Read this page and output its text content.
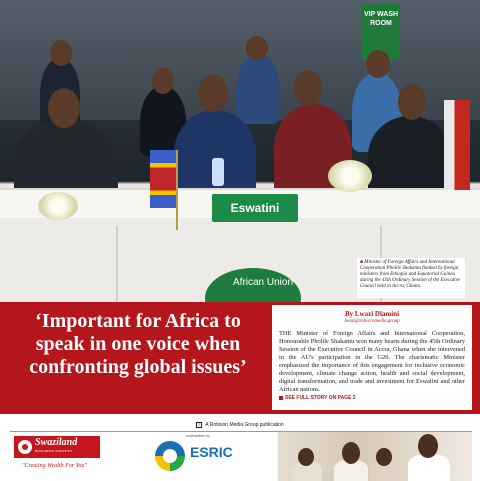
VIP WASH ROOM
Eswatini
African Union
■ Minister of Foreign Affairs and International Cooperation Pholile Shakantu flanked by foreign ministers from Ethiopia and Equatorial Guinea during the 45th Ordinary Session of the Executive Council held in Accra, Ghana.
‘Important for Africa to speak in one voice when confronting global issues’

By Lwazi Dlamini

lwazi@robiscomedia.group

THE Minister of Foreign Affairs and International Cooperation, Honourable Pholile Shakantu won many hearts during the 45th Ordinary Session of the Executive Council in Accra, Ghana when she intervened in the AU's participation in the G20. The charismatic Minister emphasized the importance of this engagement for inclusive economic development, climate change action, health and social development, digital transformation, and trade and investment for Eswatini and other African nations.

SEE FULL STORY ON PAGE 2
≡ A Robison Media Group publication
Swaziland
BUILDING SOCIETY
"Creating Wealth For You"
underwritten by
ESRIC
